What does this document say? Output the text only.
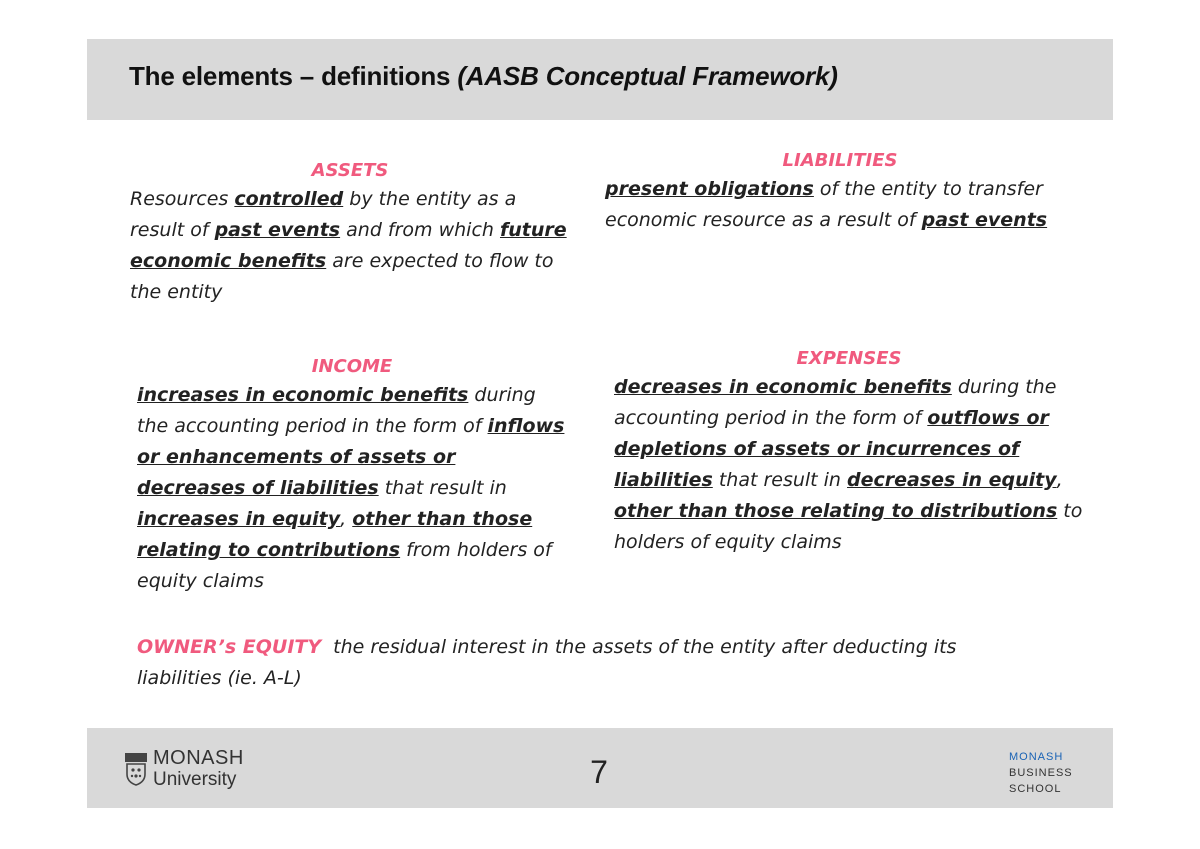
The elements – definitions (AASB Conceptual Framework)
ASSETS
Resources controlled by the entity as a result of past events and from which future economic benefits are expected to flow to the entity
LIABILITIES
present obligations of the entity to transfer economic resource as a result of past events
INCOME
increases in economic benefits during the accounting period in the form of inflows or enhancements of assets or decreases of liabilities that result in increases in equity, other than those relating to contributions from holders of equity claims
EXPENSES
decreases in economic benefits during the accounting period in the form of outflows or depletions of assets or incurrences of liabilities that result in decreases in equity, other than those relating to distributions to holders of equity claims
OWNER’s EQUITY the residual interest in the assets of the entity after deducting its liabilities (ie. A-L)
MONASH
University	7	MONASH
BUSINESS
SCHOOL
